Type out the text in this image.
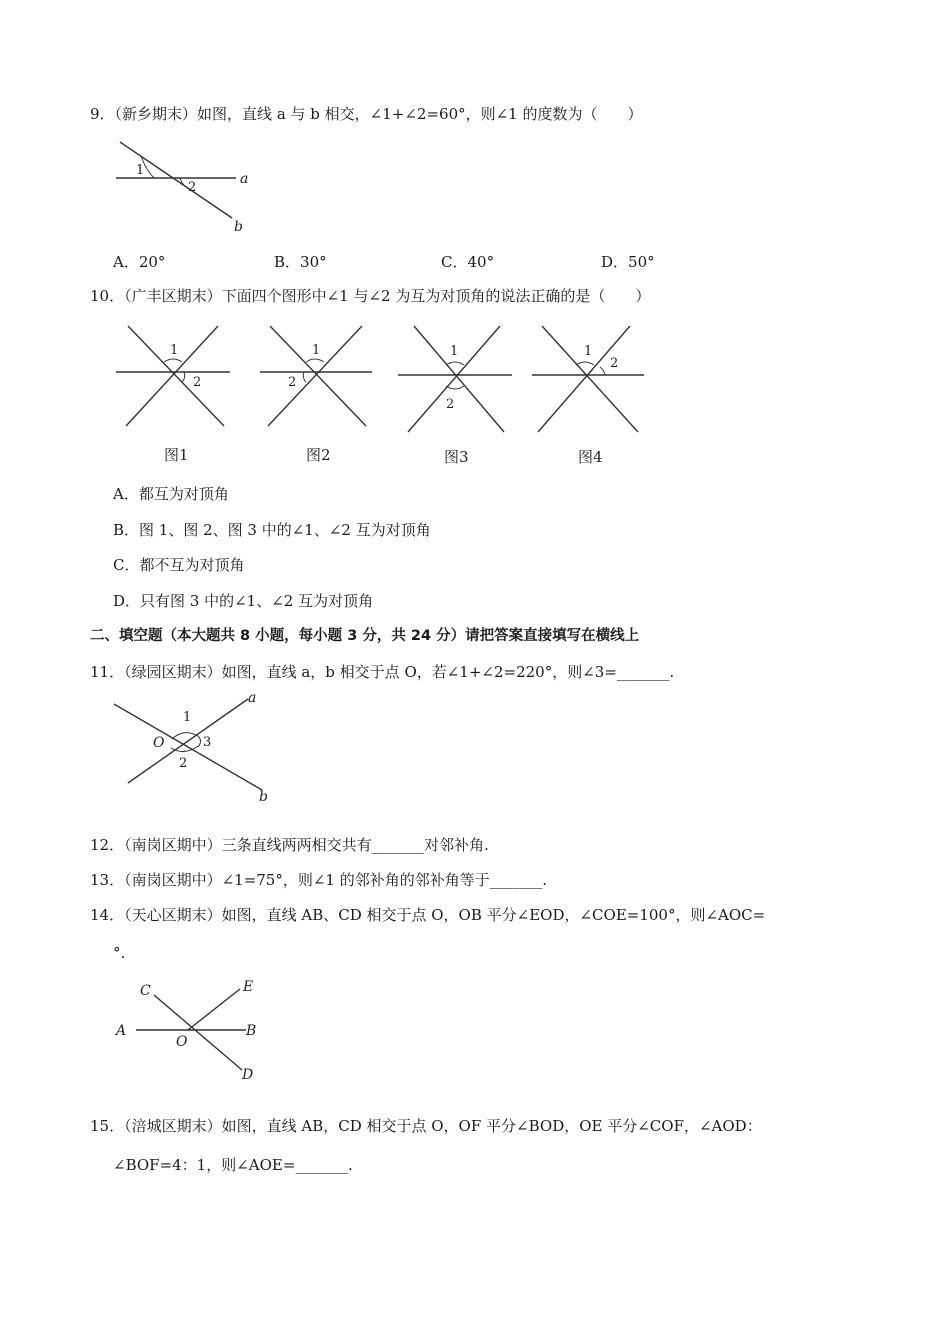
9．（新乡期末）如图，直线 a 与 b 相交，∠1+∠2=60°，则∠1 的度数为（　　）
1
2
a
b
A．20°	B．30°	C．40°	D．50°
10．（广丰区期末）下面四个图形中∠1 与∠2 为互为对顶角的说法正确的是（　　）
1
2
图1
1
2
图2
1
2
图3
1
2
图4
A．都互为对顶角
B．图 1、图 2、图 3 中的∠1、∠2 互为对顶角
C．都不互为对顶角
D．只有图 3 中的∠1、∠2 互为对顶角
二、填空题（本大题共 8 小题，每小题 3 分，共 24 分）请把答案直接填写在横线上
11．（绿园区期末）如图，直线 a，b 相交于点 O，若∠1+∠2=220°，则∠3=_______.
1
2
3
O
a
b
12．（南岗区期中）三条直线两两相交共有_______对邻补角.
13．（南岗区期中）∠1=75°，则∠1 的邻补角的邻补角等于_______.
14．（天心区期末）如图，直线 AB、CD 相交于点 O，OB 平分∠EOD，∠COE=100°，则∠AOC=
°.
A	B
C
D
E
O
15．（涪城区期末）如图，直线 AB，CD 相交于点 O，OF 平分∠BOD，OE 平分∠COF，∠AOD：
∠BOF=4：1，则∠AOE=_______.
